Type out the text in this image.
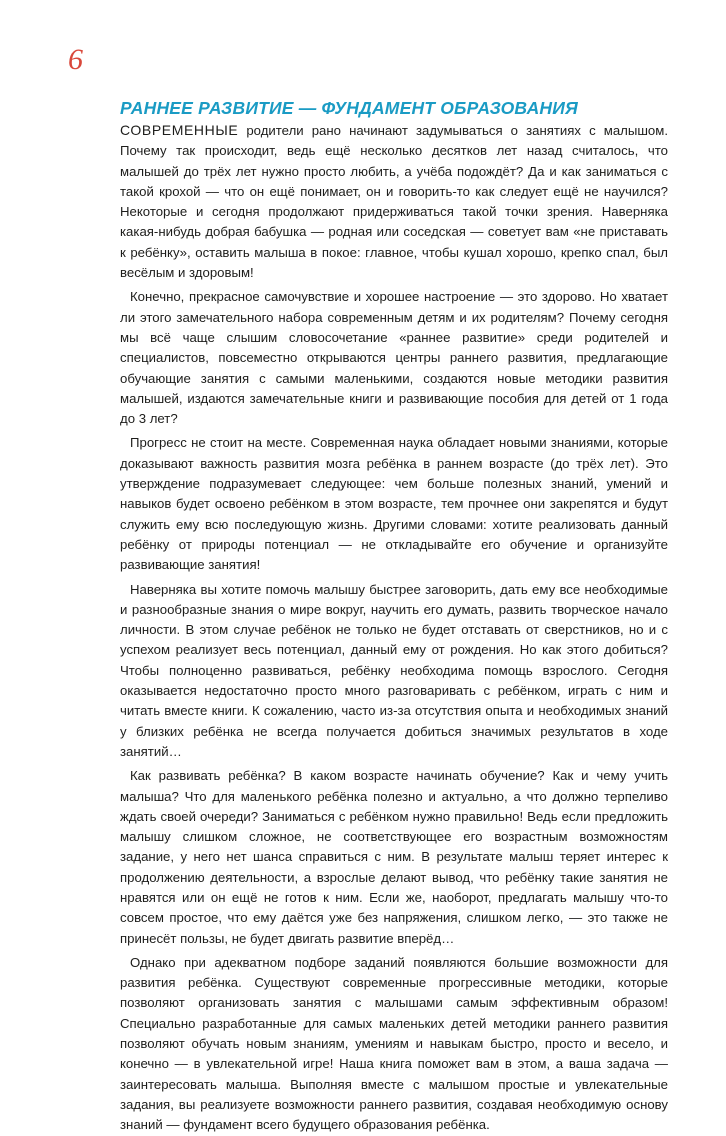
6
РАННЕЕ РАЗВИТИЕ — ФУНДАМЕНТ ОБРАЗОВАНИЯ

СОВРЕМЕННЫЕ родители рано начинают задумываться о занятиях с малышом. Почему так происходит, ведь ещё несколько десятков лет назад считалось, что малышей до трёх лет нужно просто любить, а учёба подождёт? Да и как заниматься с такой крохой — что он ещё понимает, он и говорить-то как следует ещё не научился? Некоторые и сегодня продолжают придерживаться такой точки зрения. Наверняка какая-нибудь добрая бабушка — родная или соседская — советует вам «не приставать к ребёнку», оставить малыша в покое: главное, чтобы кушал хорошо, крепко спал, был весёлым и здоровым!

Конечно, прекрасное самочувствие и хорошее настроение — это здорово. Но хватает ли этого замечательного набора современным детям и их родителям? Почему сегодня мы всё чаще слышим словосочетание «раннее развитие» среди родителей и специалистов, повсеместно открываются центры раннего развития, предлагающие обучающие занятия с самыми маленькими, создаются новые методики развития малышей, издаются замечательные книги и развивающие пособия для детей от 1 года до 3 лет?

Прогресс не стоит на месте. Современная наука обладает новыми знаниями, которые доказывают важность развития мозга ребёнка в раннем возрасте (до трёх лет). Это утверждение подразумевает следующее: чем больше полезных знаний, умений и навыков будет освоено ребёнком в этом возрасте, тем прочнее они закрепятся и будут служить ему всю последующую жизнь. Другими словами: хотите реализовать данный ребёнку от природы потенциал — не откладывайте его обучение и организуйте развивающие занятия!

Наверняка вы хотите помочь малышу быстрее заговорить, дать ему все необходимые и разнообразные знания о мире вокруг, научить его думать, развить творческое начало личности. В этом случае ребёнок не только не будет отставать от сверстников, но и с успехом реализует весь потенциал, данный ему от рождения. Но как этого добиться? Чтобы полноценно развиваться, ребёнку необходима помощь взрослого. Сегодня оказывается недостаточно просто много разговаривать с ребёнком, играть с ним и читать вместе книги. К сожалению, часто из-за отсутствия опыта и необходимых знаний у близких ребёнка не всегда получается добиться значимых результатов в ходе занятий…

Как развивать ребёнка? В каком возрасте начинать обучение? Как и чему учить малыша? Что для маленького ребёнка полезно и актуально, а что должно терпеливо ждать своей очереди? Заниматься с ребёнком нужно правильно! Ведь если предложить малышу слишком сложное, не соответствующее его возрастным возможностям задание, у него нет шанса справиться с ним. В результате малыш теряет интерес к продолжению деятельности, а взрослые делают вывод, что ребёнку такие занятия не нравятся или он ещё не готов к ним. Если же, наоборот, предлагать малышу что-то совсем простое, что ему даётся уже без напряжения, слишком легко, — это также не принесёт пользы, не будет двигать развитие вперёд…

Однако при адекватном подборе заданий появляются большие возможности для развития ребёнка. Существуют современные прогрессивные методики, которые позволяют организовать занятия с малышами самым эффективным образом! Специально разработанные для самых маленьких детей методики раннего развития позволяют обучать новым знаниям, умениям и навыкам быстро, просто и весело, и конечно — в увлекательной игре! Наша книга поможет вам в этом, а ваша задача — заинтересовать малыша. Выполняя вместе с малышом простые и увлекательные задания, вы реализуете возможности раннего развития, создавая необходимую основу знаний — фундамент всего будущего образования ребёнка.
